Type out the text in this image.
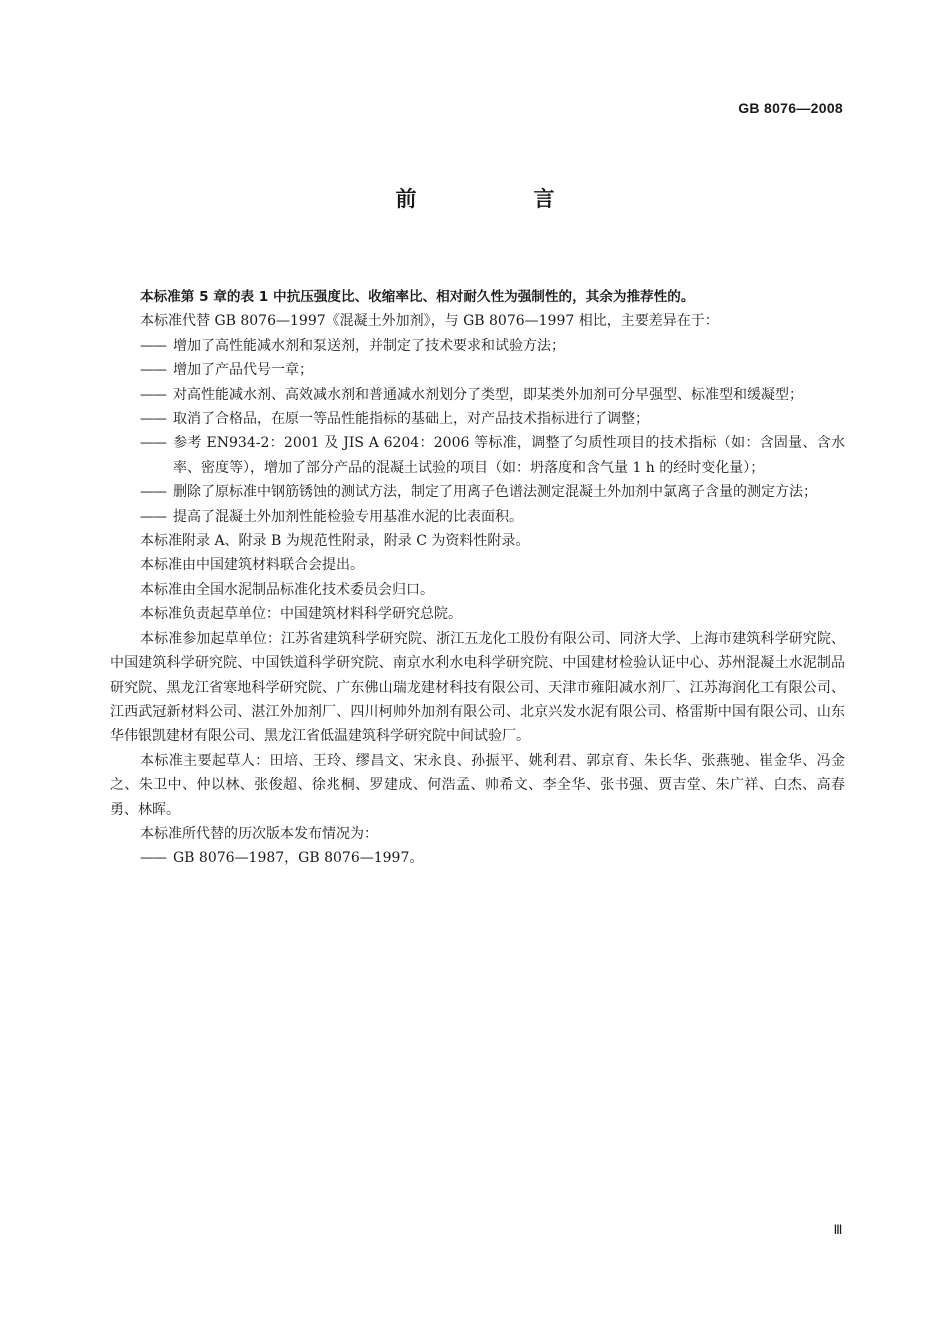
GB 8076—2008
前　言

本标准第 5 章的表 1 中抗压强度比、收缩率比、相对耐久性为强制性的，其余为推荐性的。

本标准代替 GB 8076—1997《混凝土外加剂》，与 GB 8076—1997 相比，主要差异在于：

—— 增加了高性能减水剂和泵送剂，并制定了技术要求和试验方法；

—— 增加了产品代号一章；

—— 对高性能减水剂、高效减水剂和普通减水剂划分了类型，即某类外加剂可分早强型、标准型和缓凝型；

—— 取消了合格品，在原一等品性能指标的基础上，对产品技术指标进行了调整；

—— 参考 EN934-2：2001 及 JIS A 6204：2006 等标准，调整了匀质性项目的技术指标（如：含固量、含水率、密度等），增加了部分产品的混凝土试验的项目（如：坍落度和含气量 1 h 的经时变化量）；

—— 删除了原标准中钢筋锈蚀的测试方法，制定了用离子色谱法测定混凝土外加剂中氯离子含量的测定方法；

—— 提高了混凝土外加剂性能检验专用基准水泥的比表面积。

本标准附录 A、附录 B 为规范性附录，附录 C 为资料性附录。

本标准由中国建筑材料联合会提出。

本标准由全国水泥制品标准化技术委员会归口。

本标准负责起草单位：中国建筑材料科学研究总院。

本标准参加起草单位：江苏省建筑科学研究院、浙江五龙化工股份有限公司、同济大学、上海市建筑科学研究院、中国建筑科学研究院、中国铁道科学研究院、南京水利水电科学研究院、中国建材检验认证中心、苏州混凝土水泥制品研究院、黑龙江省寒地科学研究院、广东佛山瑞龙建材科技有限公司、天津市雍阳减水剂厂、江苏海润化工有限公司、江西武冠新材料公司、湛江外加剂厂、四川柯帅外加剂有限公司、北京兴发水泥有限公司、格雷斯中国有限公司、山东华伟银凯建材有限公司、黑龙江省低温建筑科学研究院中间试验厂。

本标准主要起草人：田培、王玲、缪昌文、宋永良、孙振平、姚利君、郭京育、朱长华、张燕驰、崔金华、冯金之、朱卫中、仲以林、张俊超、徐兆桐、罗建成、何浩孟、帅希文、李全华、张书强、贾吉堂、朱广祥、白杰、高春勇、林晖。

本标准所代替的历次版本发布情况为：

—— GB 8076—1987，GB 8076—1997。

Ⅲ
